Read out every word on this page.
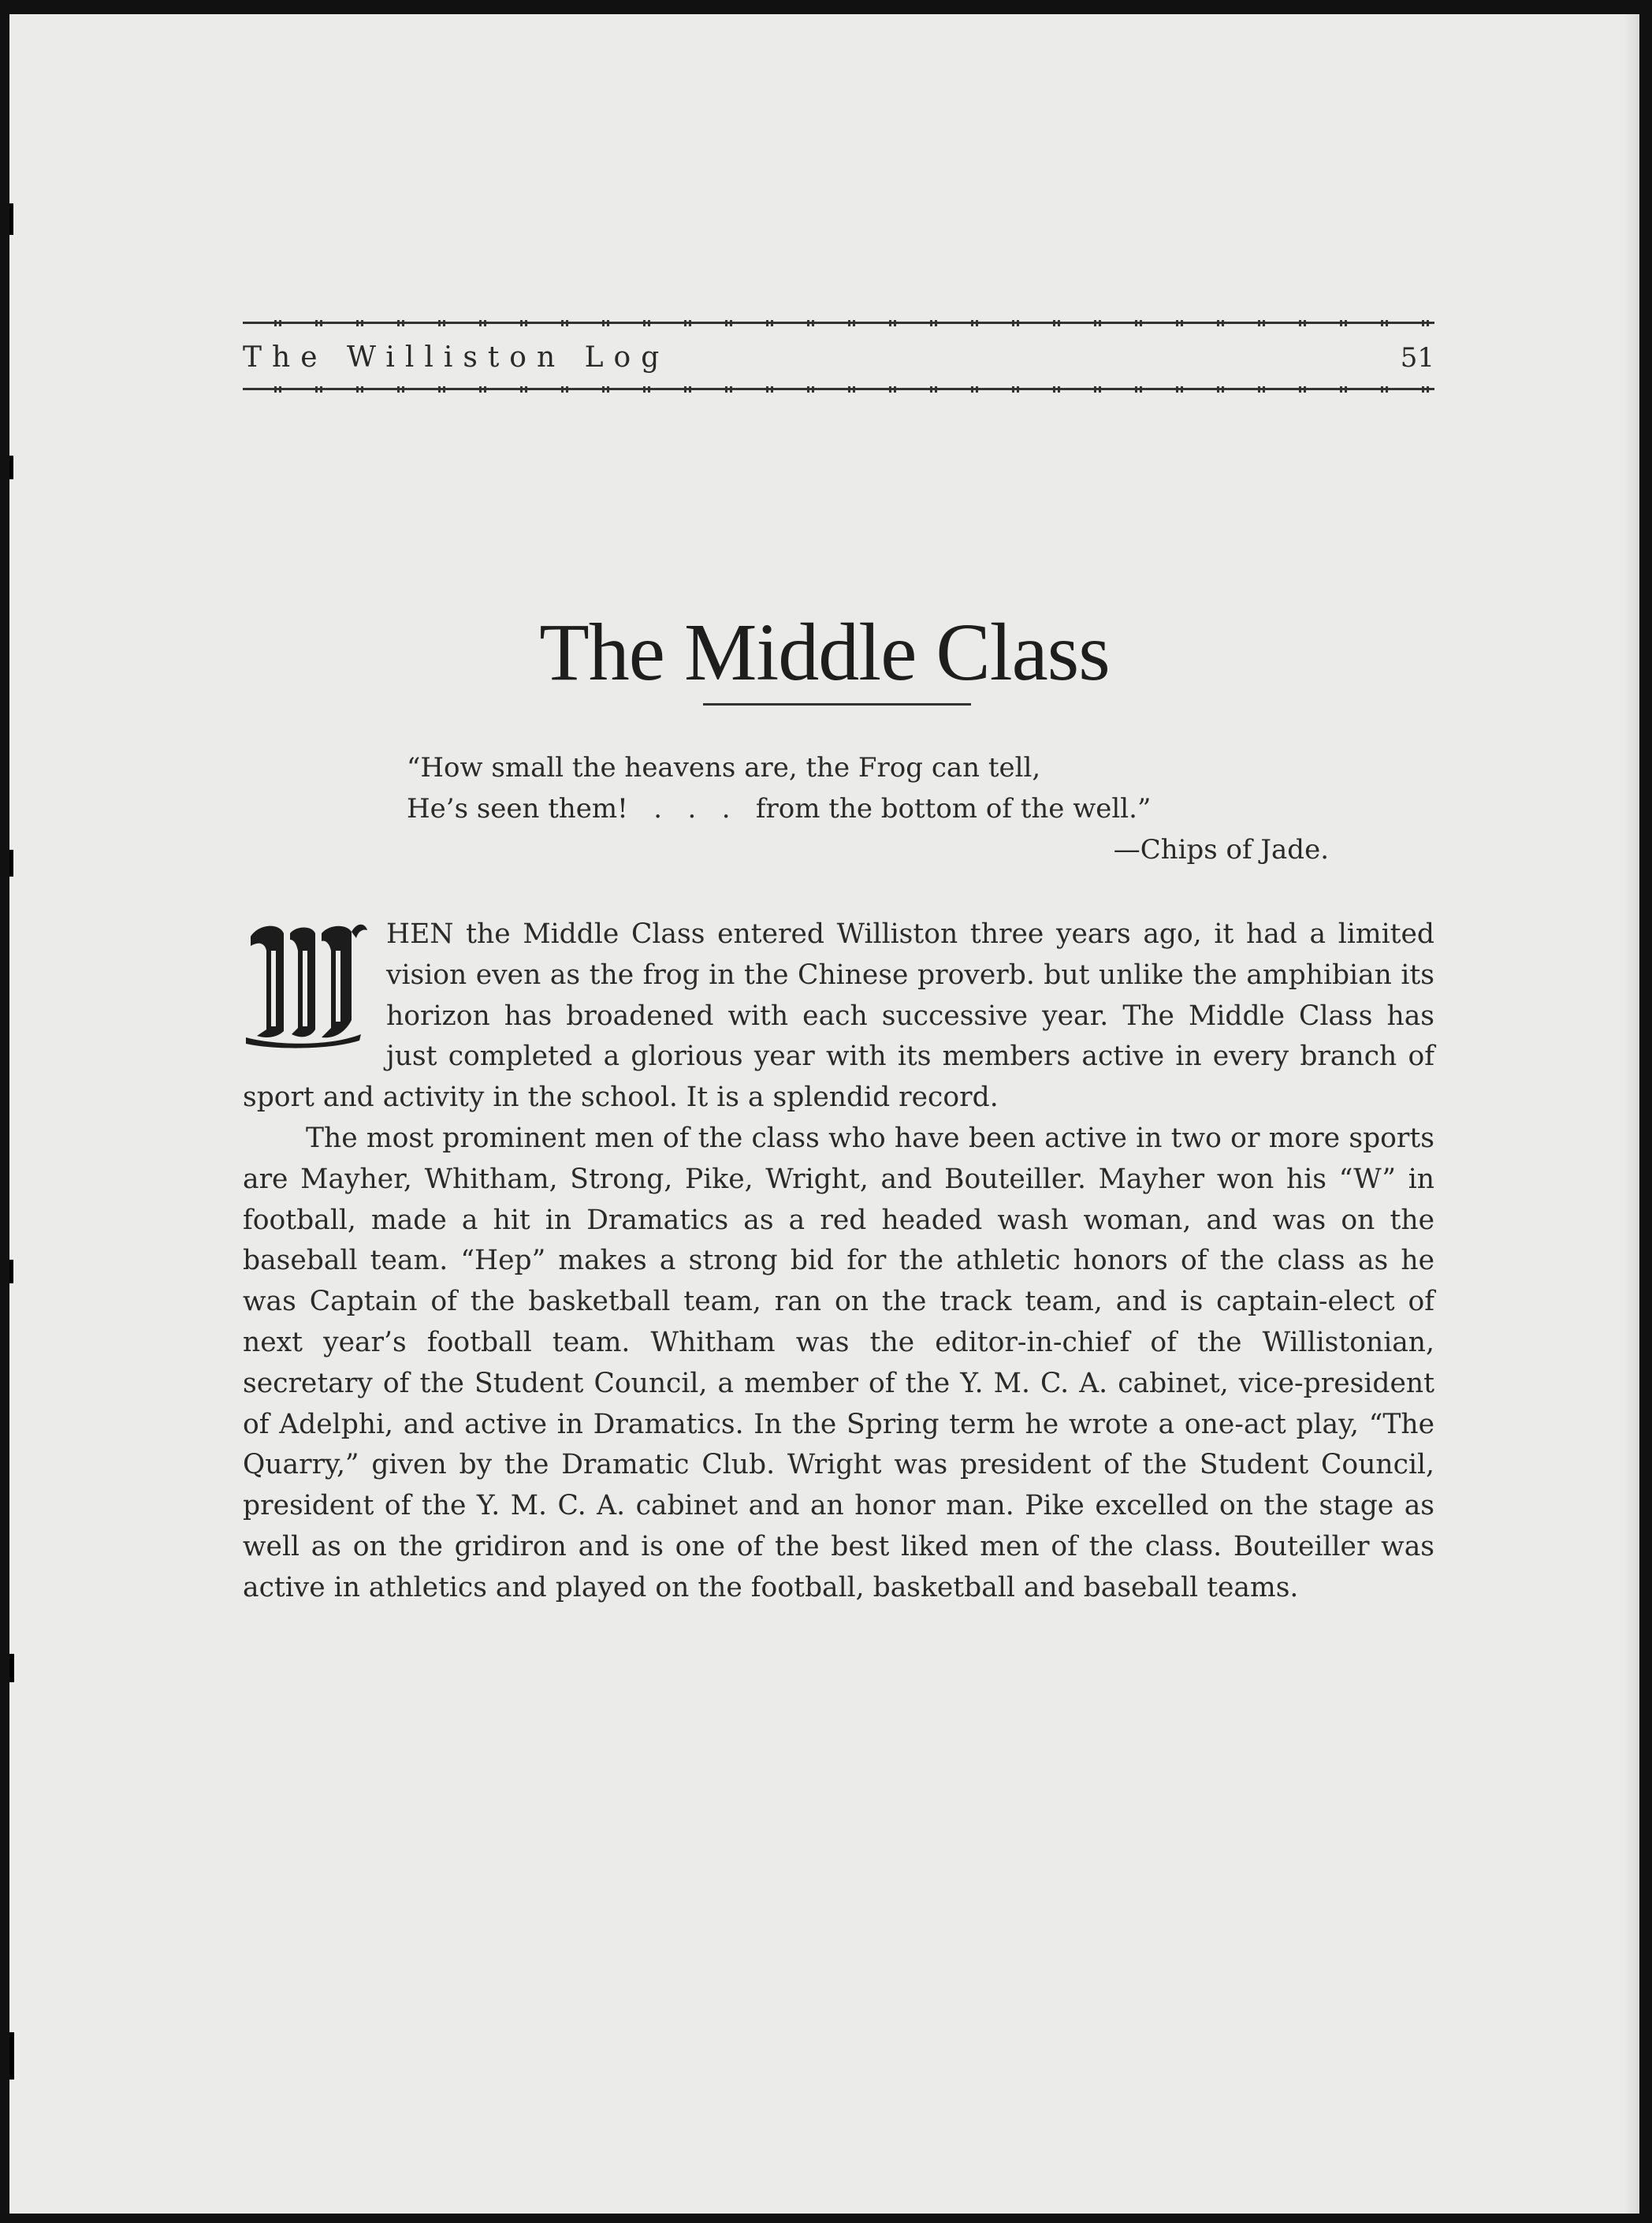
The Williston Log	51
The Middle Class
“How small the heavens are, the Frog can tell,
He’s seen them!   .   .   .   from the bottom of the well.”
—Chips of Jade.

W	HEN the Middle Class entered Williston three years ago, it had a limited vision even as the frog in the Chinese proverb. but unlike the amphibian its horizon has broadened with each successive year. The Middle Class has just completed a glorious year with its members active in every branch of sport and activity in the school. It is a splendid record.

The most prominent men of the class who have been active in two or more sports are Mayher, Whitham, Strong, Pike, Wright, and Bouteiller. Mayher won his “W” in football, made a hit in Dramatics as a red headed wash woman, and was on the baseball team. “Hep” makes a strong bid for the athletic honors of the class as he was Captain of the basketball team, ran on the track team, and is captain-elect of next year’s football team. Whitham was the editor-in-chief of the Willistonian, secretary of the Student Council, a member of the Y. M. C. A. cabinet, vice-president of Adelphi, and active in Dramatics. In the Spring term he wrote a one-act play, “The Quarry,” given by the Dramatic Club. Wright was president of the Student Council, president of the Y. M. C. A. cabinet and an honor man. Pike excelled on the stage as well as on the gridiron and is one of the best liked men of the class. Bouteiller was active in athletics and played on the football, basketball and baseball teams.
